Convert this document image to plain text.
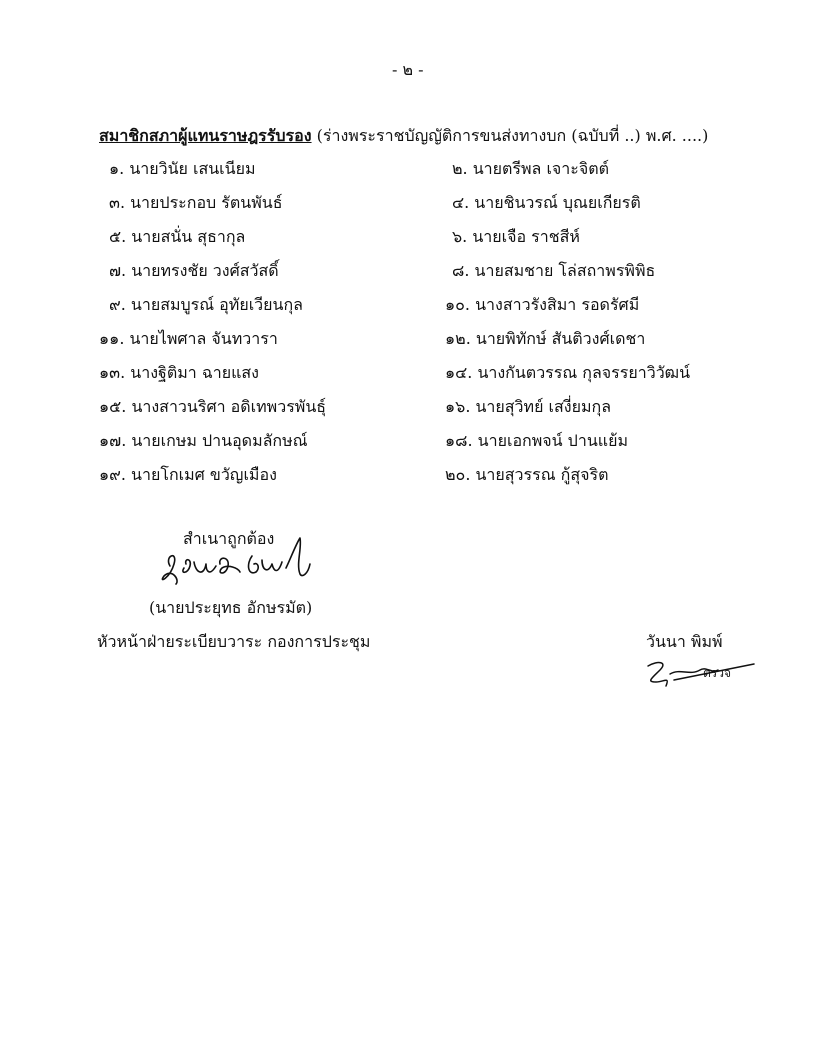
- ๒ -
สมาชิกสภาผู้แทนราษฎรรับรอง (ร่างพระราชบัญญัติการขนส่งทางบก (ฉบับที่ ..) พ.ศ. ....)
๑. นายวินัย เสนเนียม	๒. นายตรีพล เจาะจิตต์
๓. นายประกอบ รัตนพันธ์	๔. นายชินวรณ์ บุณยเกียรติ
๕. นายสนั่น สุธากุล	๖. นายเจือ ราชสีห์
๗. นายทรงชัย วงศ์สวัสดิ์	๘. นายสมชาย โล่สถาพรพิพิธ
๙. นายสมบูรณ์ อุทัยเวียนกุล	๑๐. นางสาวรังสิมา รอดรัศมี
๑๑. นายไพศาล จันทวารา	๑๒. นายพิทักษ์ สันติวงศ์เดชา
๑๓. นางฐิติมา ฉายแสง	๑๔. นางกันตวรรณ กุลจรรยาวิวัฒน์
๑๕. นางสาวนริศา อดิเทพวรพันธุ์	๑๖. นายสุวิทย์ เสงี่ยมกุล
๑๗. นายเกษม ปานอุดมลักษณ์	๑๘. นายเอกพจน์ ปานแย้ม
๑๙. นายโกเมศ ขวัญเมือง	๒๐. นายสุวรรณ กู้สุจริต
สำเนาถูกต้อง
(นายประยุทธ อักษรมัต)
หัวหน้าฝ่ายระเบียบวาระ กองการประชุม	วันนา พิมพ์
ตรวจ
